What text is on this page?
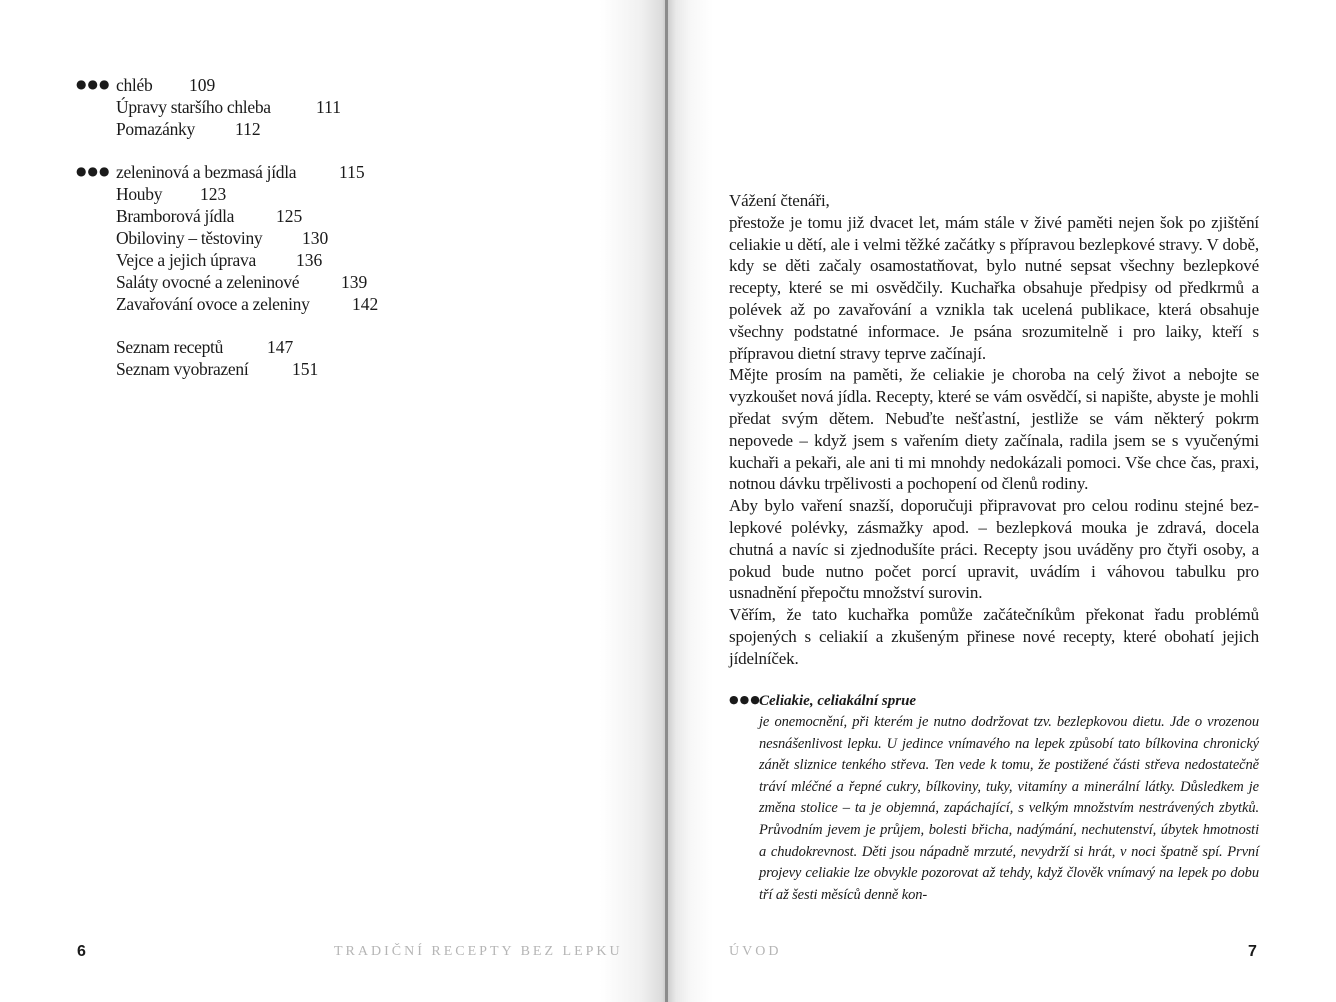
●●● chléb 109
Úpravy staršího chleba	111
Pomazánky 112
●●● zeleninová a bezmasá jídla 115
Houby 123
Bramborová jídla 125
Obiloviny – těstoviny 130
Vejce a jejich úprava 136
Saláty ovocné a zeleninové 139
Zavařování ovoce a zeleniny 142
Seznam receptů	147
Seznam vyobrazení 151
6	TRADIČNÍ RECEPTY BEZ LEPKU

Vážení čtenáři,

přestože je tomu již dvacet let, mám stále v živé paměti nejen šok po zjištění celiakie u dětí, ale i velmi těžké začátky s přípravou bezlepkové stravy. V době, kdy se děti začaly osamostatňovat, bylo nutné sepsat všechny bezlepkové recepty, které se mi osvědčily. Kuchařka obsahuje předpisy od předkrmů a polévek až po zavařování a vznikla tak ucelená publikace, která obsahuje všechny podstatné informace. Je psána srozumitelně i pro laiky, kteří s přípravou dietní stravy teprve začínají.

Mějte prosím na paměti, že celiakie je choroba na celý život a nebojte se vyzkoušet nová jídla. Recepty, které se vám osvědčí, si napište, abyste je mohli předat svým dětem. Nebuďte nešťastní, jestliže se vám některý pokrm nepovede – když jsem s vařením diety začínala, radila jsem se s vyučenými kuchaři a pekaři, ale ani ti mi mnohdy nedokázali pomoci. Vše chce čas, praxi, notnou dávku trpělivosti a pochopení od členů rodiny.

Aby bylo vaření snazší, doporučuji připravovat pro celou rodinu stejné bezlepkové polévky, zásmažky apod. – bezlepková mouka je zdravá, docela chutná a navíc si zjednodušíte práci. Recepty jsou uváděny pro čtyři osoby, a pokud bude nutno počet porcí upravit, uvádím i váhovou tabulku pro usnadnění přepočtu množství surovin.

Věřím, že tato kuchařka pomůže začátečníkům překonat řadu problémů spojených s celiakií a zkušeným přinese nové recepty, které obohatí jejich jídelníček.

●●●
Celiakie, celiakální sprue

je onemocnění, při kterém je nutno dodržovat tzv. bezlepkovou dietu. Jde o vrozenou nesnášenlivost lepku. U jedince vnímavého na lepek způsobí tato bílkovina chronický zánět sliznice tenkého střeva. Ten vede k tomu, že postižené části střeva nedostatečně tráví mléčné a řepné cukry, bílkoviny, tuky, vitamíny a minerální látky. Důsledkem je změna stolice – ta je objemná, zapáchající, s velkým množstvím nestrávených zbytků. Průvodním jevem je průjem, bolesti břicha, nadýmání, nechutenství, úbytek hmotnosti a chudokrevnost. Děti jsou nápadně mrzuté, nevydrží si hrát, v noci špatně spí. První projevy celiakie lze obvykle pozorovat až tehdy, když člověk vnímavý na lepek po dobu tří až šesti měsíců denně kon-

ÚVOD	7
